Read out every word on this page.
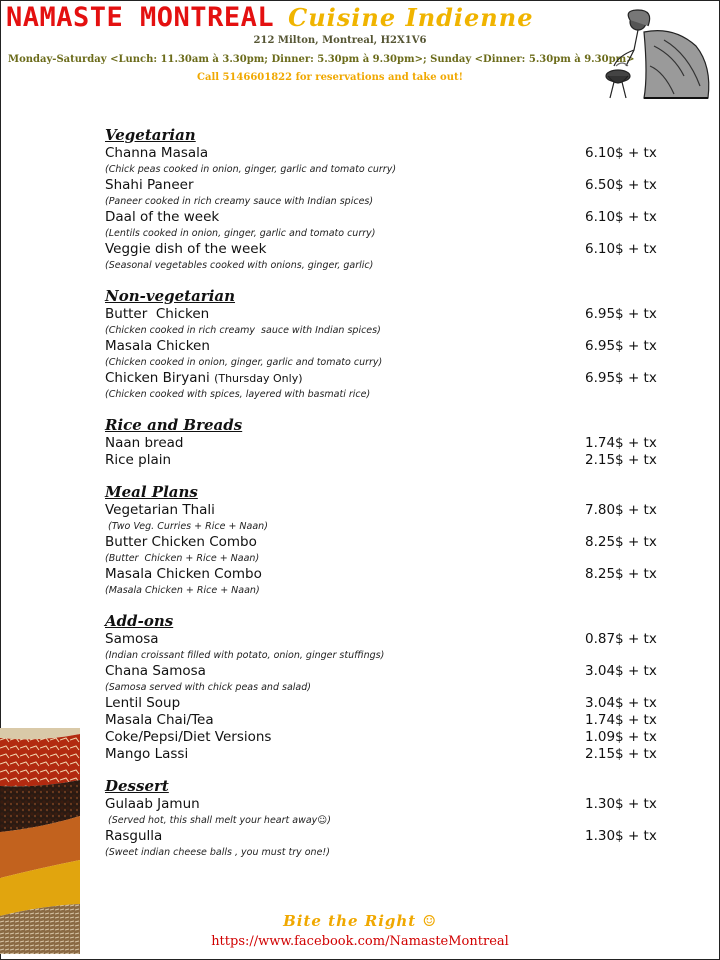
NAMASTE MONTREAL Cuisine Indienne
212 Milton, Montreal, H2X1V6
Monday-Saturday <Lunch: 11.30am à 3.30pm; Dinner: 5.30pm à 9.30pm>; Sunday <Dinner: 5.30pm à 9.30pm>
Call 5146601822 for reservations and take out!
Vegetarian
Channa Masala	6.10$ + tx
(Chick peas cooked in onion, ginger, garlic and tomato curry)
Shahi Paneer	6.50$ + tx
(Paneer cooked in rich creamy sauce with Indian spices)
Daal of the week	6.10$ + tx
(Lentils cooked in onion, ginger, garlic and tomato curry)
Veggie dish of the week	6.10$ + tx
(Seasonal vegetables cooked with onions, ginger, garlic)
Non-vegetarian
Butter  Chicken	6.95$ + tx
(Chicken cooked in rich creamy  sauce with Indian spices)
Masala Chicken	6.95$ + tx
(Chicken cooked in onion, ginger, garlic and tomato curry)
Chicken Biryani (Thursday Only)	6.95$ + tx
(Chicken cooked with spices, layered with basmati rice)
Rice and Breads
Naan bread	1.74$ + tx
Rice plain	2.15$ + tx
Meal Plans
Vegetarian Thali	7.80$ + tx
(Two Veg. Curries + Rice + Naan)
Butter Chicken Combo	8.25$ + tx
(Butter  Chicken + Rice + Naan)
Masala Chicken Combo	8.25$ + tx
(Masala Chicken + Rice + Naan)
Add-ons
Samosa	0.87$ + tx
(Indian croissant filled with potato, onion, ginger stuffings)
Chana Samosa	3.04$ + tx
(Samosa served with chick peas and salad)
Lentil Soup	3.04$ + tx
Masala Chai/Tea	1.74$ + tx
Coke/Pepsi/Diet Versions	1.09$ + tx
Mango Lassi	2.15$ + tx
Dessert
Gulaab Jamun	1.30$ + tx
(Served hot, this shall melt your heart away☺)
Rasgulla	1.30$ + tx
(Sweet indian cheese balls , you must try one!)
Bite the Right ☺
https://www.facebook.com/NamasteMontreal
